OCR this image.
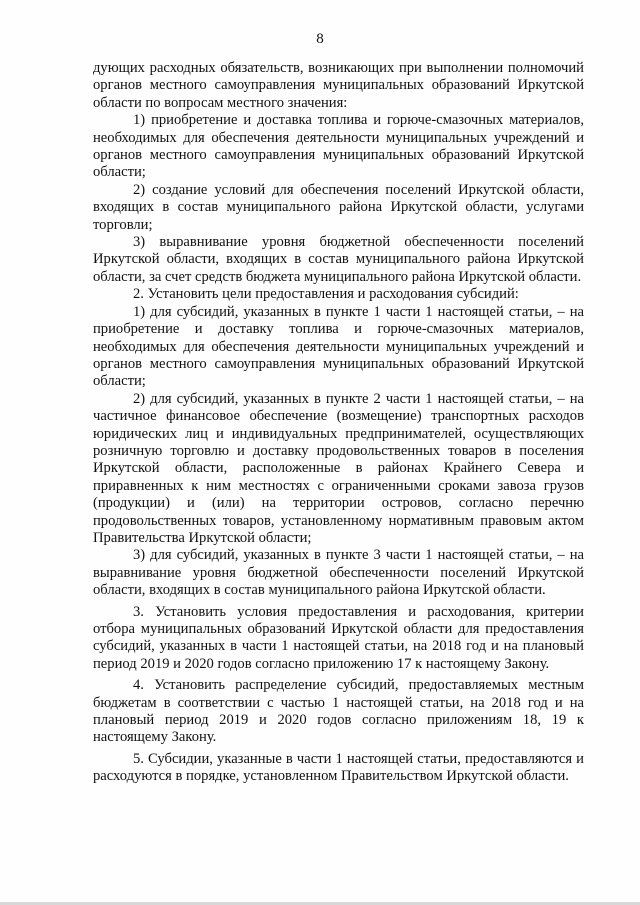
8

дующих расходных обязательств, возникающих при выполнении полномочий органов местного самоуправления муниципальных образований Иркутской области по вопросам местного значения:

1) приобретение и доставка топлива и горюче-смазочных материалов, необходимых для обеспечения деятельности муниципальных учреждений и органов местного самоуправления муниципальных образований Иркутской области;

2) создание условий для обеспечения поселений Иркутской области, входящих в состав муниципального района Иркутской области, услугами торговли;

3) выравнивание уровня бюджетной обеспеченности поселений Иркутской области, входящих в состав муниципального района Иркутской области, за счет средств бюджета муниципального района Иркутской области.

2. Установить цели предоставления и расходования субсидий:

1) для субсидий, указанных в пункте 1 части 1 настоящей статьи, – на приобретение и доставку топлива и горюче-смазочных материалов, необходимых для обеспечения деятельности муниципальных учреждений и органов местного самоуправления муниципальных образований Иркутской области;

2) для субсидий, указанных в пункте 2 части 1 настоящей статьи, – на частичное финансовое обеспечение (возмещение) транспортных расходов юридических лиц и индивидуальных предпринимателей, осуществляющих розничную торговлю и доставку продовольственных товаров в поселения Иркутской области, расположенные в районах Крайнего Севера и приравненных к ним местностях с ограниченными сроками завоза грузов (продукции) и (или) на территории островов, согласно перечню продовольственных товаров, установленному нормативным правовым актом Правительства Иркутской области;

3) для субсидий, указанных в пункте 3 части 1 настоящей статьи, – на выравнивание уровня бюджетной обеспеченности поселений Иркутской области, входящих в состав муниципального района Иркутской области.

3. Установить условия предоставления и расходования, критерии отбора муниципальных образований Иркутской области для предоставления субсидий, указанных в части 1 настоящей статьи, на 2018 год и на плановый период 2019 и 2020 годов согласно приложению 17 к настоящему Закону.

4. Установить распределение субсидий, предоставляемых местным бюджетам в соответствии с частью 1 настоящей статьи, на 2018 год и на плановый период 2019 и 2020 годов согласно приложениям 18, 19 к настоящему Закону.

5. Субсидии, указанные в части 1 настоящей статьи, предоставляются и расходуются в порядке, установленном Правительством Иркутской области.
